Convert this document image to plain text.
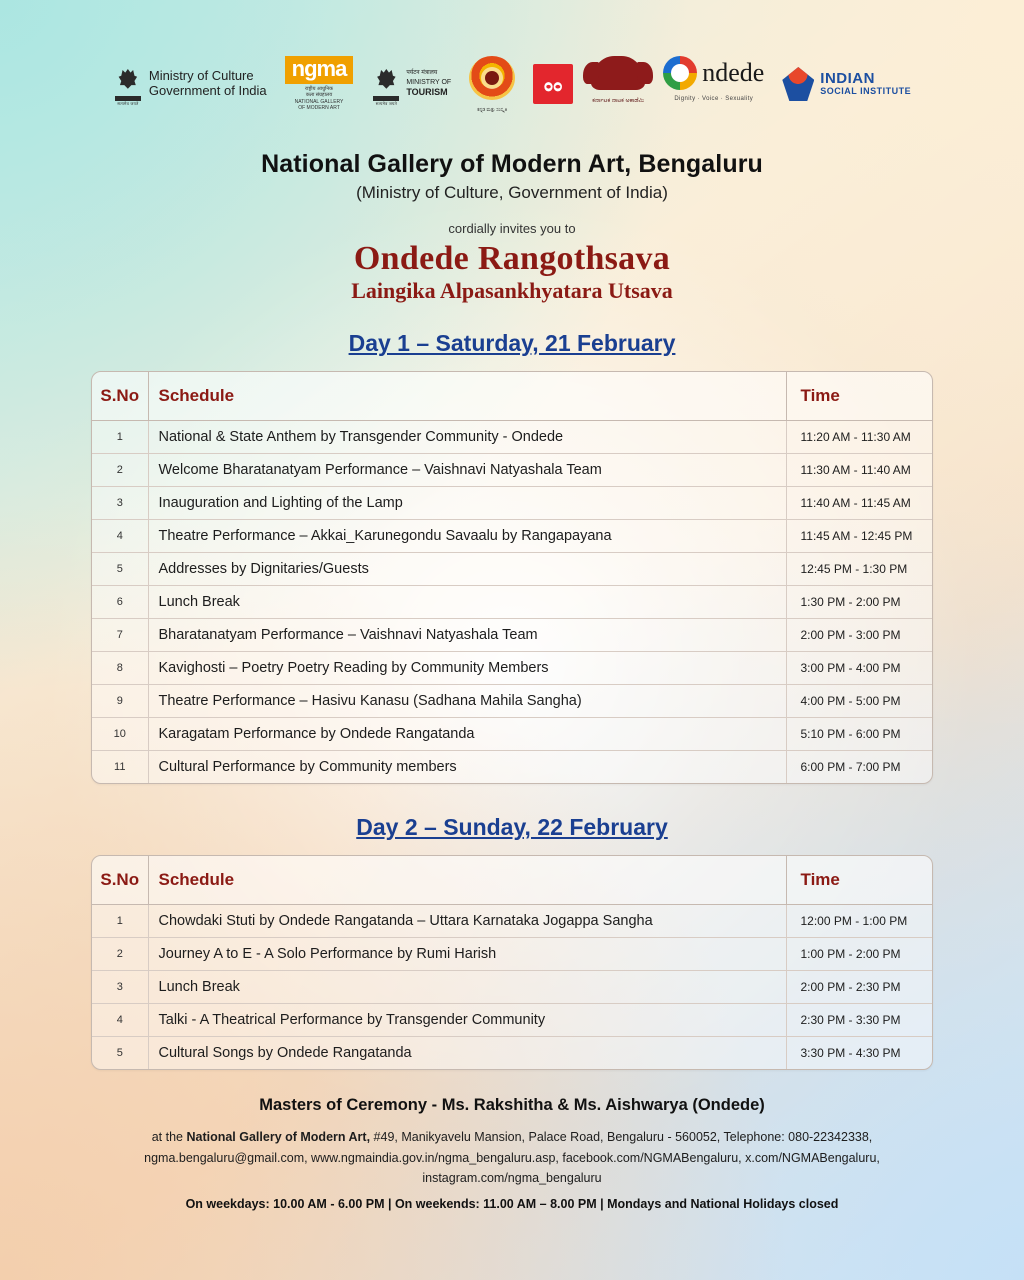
सत्यमेव जयते
Ministry of Culture
Government of India
ngma
राष्ट्रीय आधुनिक
कला संग्रहालय
NATIONAL GALLERY
OF MODERN ART
सत्यमेव जयते
पर्यटन मंत्रालय
MINISTRY OF
TOURISM
ಕನ್ನಡ ಮತ್ತು ಸಂಸ್ಕೃತಿ
ೲ
ಕರ್ನಾಟಕ ನಾಟಕ ಅಕಾಡೆಮಿ
ndede
Dignity · Voice · Sexuality
INDIAN
SOCIAL INSTITUTE
National Gallery of Modern Art, Bengaluru
(Ministry of Culture, Government of India)
cordially invites you to
Ondede Rangothsava
Laingika Alpasankhyatara Utsava
Day 1 – Saturday, 21 February
S.No	Schedule	Time
1	National & State Anthem by Transgender Community - Ondede	11:20 AM - 11:30 AM
2	Welcome Bharatanatyam Performance – Vaishnavi Natyashala Team	11:30 AM - 11:40 AM
3	Inauguration and Lighting of the Lamp	11:40 AM - 11:45 AM
4	Theatre Performance – Akkai_Karunegondu Savaalu by Rangapayana	11:45 AM - 12:45 PM
5	Addresses by Dignitaries/Guests	12:45 PM - 1:30 PM
6	Lunch Break	1:30 PM - 2:00 PM
7	Bharatanatyam Performance – Vaishnavi Natyashala Team	2:00 PM - 3:00 PM
8	Kavighosti – Poetry Poetry Reading by Community Members	3:00 PM - 4:00 PM
9	Theatre Performance – Hasivu Kanasu (Sadhana Mahila Sangha)	4:00 PM - 5:00 PM
10	Karagatam Performance by Ondede Rangatanda	5:10 PM - 6:00 PM
11	Cultural Performance by Community members	6:00 PM - 7:00 PM
Day 2 – Sunday, 22 February
S.No	Schedule	Time
1	Chowdaki Stuti by Ondede Rangatanda – Uttara Karnataka Jogappa Sangha	12:00 PM - 1:00 PM
2	Journey A to E - A Solo Performance by Rumi Harish	1:00 PM - 2:00 PM
3	Lunch Break	2:00 PM - 2:30 PM
4	Talki - A Theatrical Performance by Transgender Community	2:30 PM - 3:30 PM
5	Cultural Songs by Ondede Rangatanda	3:30 PM - 4:30 PM
Masters of Ceremony - Ms. Rakshitha & Ms. Aishwarya (Ondede)
at the National Gallery of Modern Art, #49, Manikyavelu Mansion, Palace Road, Bengaluru - 560052, Telephone: 080-22342338,
ngma.bengaluru@gmail.com, www.ngmaindia.gov.in/ngma_bengaluru.asp, facebook.com/NGMABengaluru, x.com/NGMABengaluru,
instagram.com/ngma_bengaluru
On weekdays: 10.00 AM - 6.00 PM | On weekends: 11.00 AM – 8.00 PM | Mondays and National Holidays closed
